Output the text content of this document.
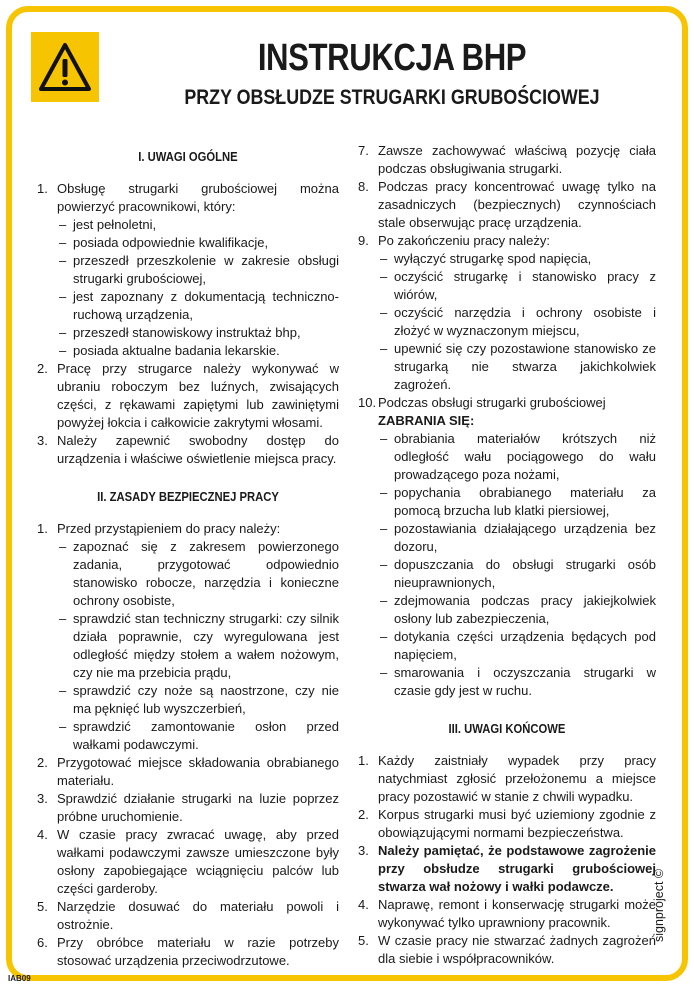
INSTRUKCJA BHP
PRZY OBSŁUDZE STRUGARKI GRUBOŚCIOWEJ
I. UWAGI OGÓLNE
1. Obsługę strugarki grubościowej można powierzyć pracownikowi, który:
– jest pełnoletni,
– posiada odpowiednie kwalifikacje,
– przeszedł przeszkolenie w zakresie obsługi strugarki grubościowej,
– jest zapoznany z dokumentacją techniczno-ruchową urządzenia,
– przeszedł stanowiskowy instruktaż bhp,
– posiada aktualne badania lekarskie.
2. Pracę przy strugarce należy wykonywać w ubraniu roboczym bez luźnych, zwisających części, z rękawami zapiętymi lub zawiniętymi powyżej łokcia i całkowicie zakrytymi włosami.
3. Należy zapewnić swobodny dostęp do urządzenia i właściwe oświetlenie miejsca pracy.
II. ZASADY BEZPIECZNEJ PRACY
1. Przed przystąpieniem do pracy należy:
– zapoznać się z zakresem powierzonego zadania, przygotować odpowiednio stanowisko robocze, narzędzia i konieczne ochrony osobiste,
– sprawdzić stan techniczny strugarki: czy silnik działa poprawnie, czy wyregulowana jest odległość między stołem a wałem nożowym, czy nie ma przebicia prądu,
– sprawdzić czy noże są naostrzone, czy nie ma pęknięć lub wyszczerbień,
– sprawdzić zamontowanie osłon przed wałkami podawczymi.
2. Przygotować miejsce składowania obrabianego materiału.
3. Sprawdzić działanie strugarki na luzie poprzez próbne uruchomienie.
4. W czasie pracy zwracać uwagę, aby przed wałkami podawczymi zawsze umieszczone były osłony zapobiegające wciągnięciu palców lub części garderoby.
5. Narzędzie dosuwać do materiału powoli i ostrożnie.
6. Przy obróbce materiału w razie potrzeby stosować urządzenia przeciwodrzutowe.
7. Zawsze zachowywać właściwą pozycję ciała podczas obsługiwania strugarki.
8. Podczas pracy koncentrować uwagę tylko na zasadniczych (bezpiecznych) czynnościach stale obserwując pracę urządzenia.
9. Po zakończeniu pracy należy:
– wyłączyć strugarkę spod napięcia,
– oczyścić strugarkę i stanowisko pracy z wiórów,
– oczyścić narzędzia i ochrony osobiste i złożyć w wyznaczonym miejscu,
– upewnić się czy pozostawione stanowisko ze strugarką nie stwarza jakichkolwiek zagrożeń.
10. Podczas obsługi strugarki grubościowej
ZABRANIA SIĘ:
– obrabiania materiałów krótszych niż odległość wału pociągowego do wału prowadzącego poza nożami,
– popychania obrabianego materiału za pomocą brzucha lub klatki piersiowej,
– pozostawiania działającego urządzenia bez dozoru,
– dopuszczania do obsługi strugarki osób nieuprawnionych,
– zdejmowania podczas pracy jakiejkolwiek osłony lub zabezpieczenia,
– dotykania części urządzenia będących pod napięciem,
– smarowania i oczyszczania strugarki w czasie gdy jest w ruchu.
III. UWAGI KOŃCOWE
1. Każdy zaistniały wypadek przy pracy natychmiast zgłosić przełożonemu a miejsce pracy pozostawić w stanie z chwili wypadku.
2. Korpus strugarki musi być uziemiony zgodnie z obowiązującymi normami bezpieczeństwa.
3. Należy pamiętać, że podstawowe zagrożenie przy obsłudze strugarki grubościowej stwarza wał nożowy i wałki podawcze.
4. Naprawę, remont i konserwację strugarki może wykonywać tylko uprawniony pracownik.
5. W czasie pracy nie stwarzać żadnych zagrożeń dla siebie i współpracowników.
signproject ©
IAB09
